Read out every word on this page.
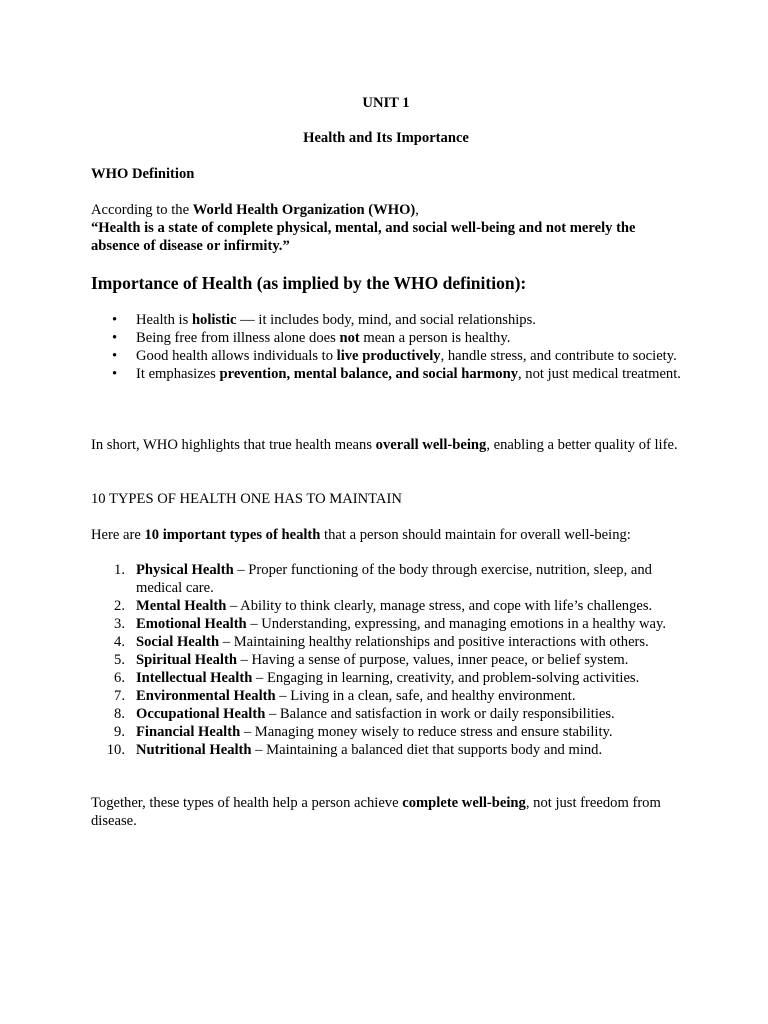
UNIT 1
Health and Its Importance
WHO Definition
According to the World Health Organization (WHO),
“Health is a state of complete physical, mental, and social well-being and not merely the absence of disease or infirmity.”
Importance of Health (as implied by the WHO definition):
• Health is holistic — it includes body, mind, and social relationships.
• Being free from illness alone does not mean a person is healthy.
• Good health allows individuals to live productively, handle stress, and contribute to society.
• It emphasizes prevention, mental balance, and social harmony, not just medical treatment.
In short, WHO highlights that true health means overall well-being, enabling a better quality of life.
10 TYPES OF HEALTH ONE HAS TO MAINTAIN
Here are 10 important types of health that a person should maintain for overall well-being:
1. Physical Health – Proper functioning of the body through exercise, nutrition, sleep, and medical care.
2. Mental Health – Ability to think clearly, manage stress, and cope with life’s challenges.
3. Emotional Health – Understanding, expressing, and managing emotions in a healthy way.
4. Social Health – Maintaining healthy relationships and positive interactions with others.
5. Spiritual Health – Having a sense of purpose, values, inner peace, or belief system.
6. Intellectual Health – Engaging in learning, creativity, and problem-solving activities.
7. Environmental Health – Living in a clean, safe, and healthy environment.
8. Occupational Health – Balance and satisfaction in work or daily responsibilities.
9. Financial Health – Managing money wisely to reduce stress and ensure stability.
10. Nutritional Health – Maintaining a balanced diet that supports body and mind.
Together, these types of health help a person achieve complete well-being, not just freedom from disease.
